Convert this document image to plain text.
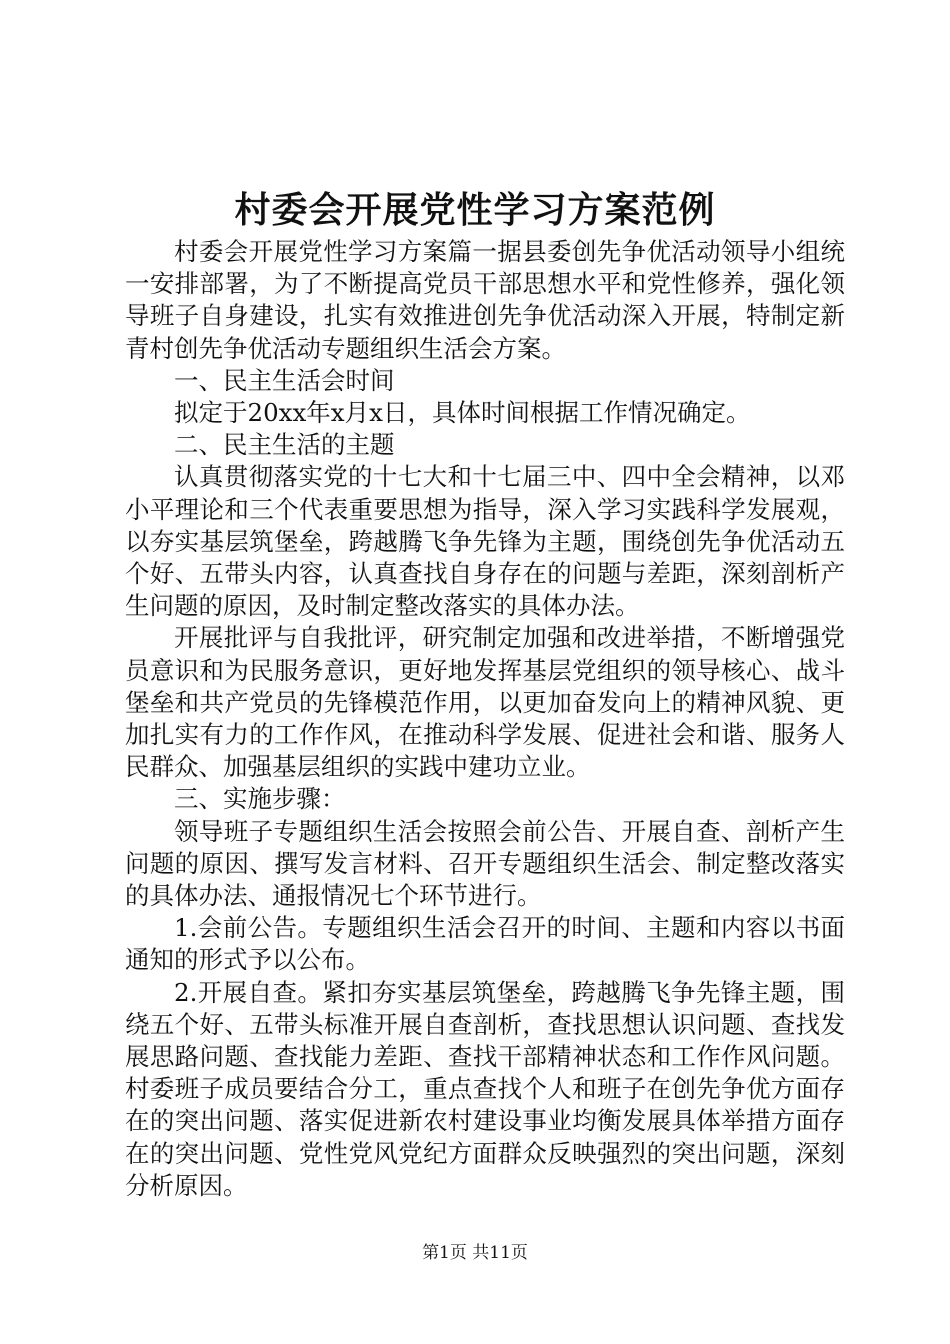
村委会开展党性学习方案范例

村委会开展党性学习方案篇一据县委创先争优活动领导小组统一安排部署，为了不断提高党员干部思想水平和党性修养，强化领导班子自身建设，扎实有效推进创先争优活动深入开展，特制定新青村创先争优活动专题组织生活会方案。

一、民主生活会时间

拟定于20xx年x月x日，具体时间根据工作情况确定。

二、民主生活的主题

认真贯彻落实党的十七大和十七届三中、四中全会精神，以邓小平理论和三个代表重要思想为指导，深入学习实践科学发展观，以夯实基层筑堡垒，跨越腾飞争先锋为主题，围绕创先争优活动五个好、五带头内容，认真查找自身存在的问题与差距，深刻剖析产生问题的原因，及时制定整改落实的具体办法。

开展批评与自我批评，研究制定加强和改进举措，不断增强党员意识和为民服务意识，更好地发挥基层党组织的领导核心、战斗堡垒和共产党员的先锋模范作用，以更加奋发向上的精神风貌、更加扎实有力的工作作风，在推动科学发展、促进社会和谐、服务人民群众、加强基层组织的实践中建功立业。

三、实施步骤：

领导班子专题组织生活会按照会前公告、开展自查、剖析产生问题的原因、撰写发言材料、召开专题组织生活会、制定整改落实的具体办法、通报情况七个环节进行。

1.会前公告。专题组织生活会召开的时间、主题和内容以书面通知的形式予以公布。

2.开展自查。紧扣夯实基层筑堡垒，跨越腾飞争先锋主题，围绕五个好、五带头标准开展自查剖析，查找思想认识问题、查找发展思路问题、查找能力差距、查找干部精神状态和工作作风问题。村委班子成员要结合分工，重点查找个人和班子在创先争优方面存在的突出问题、落实促进新农村建设事业均衡发展具体举措方面存在的突出问题、党性党风党纪方面群众反映强烈的突出问题，深刻分析原因。

第1页 共11页
